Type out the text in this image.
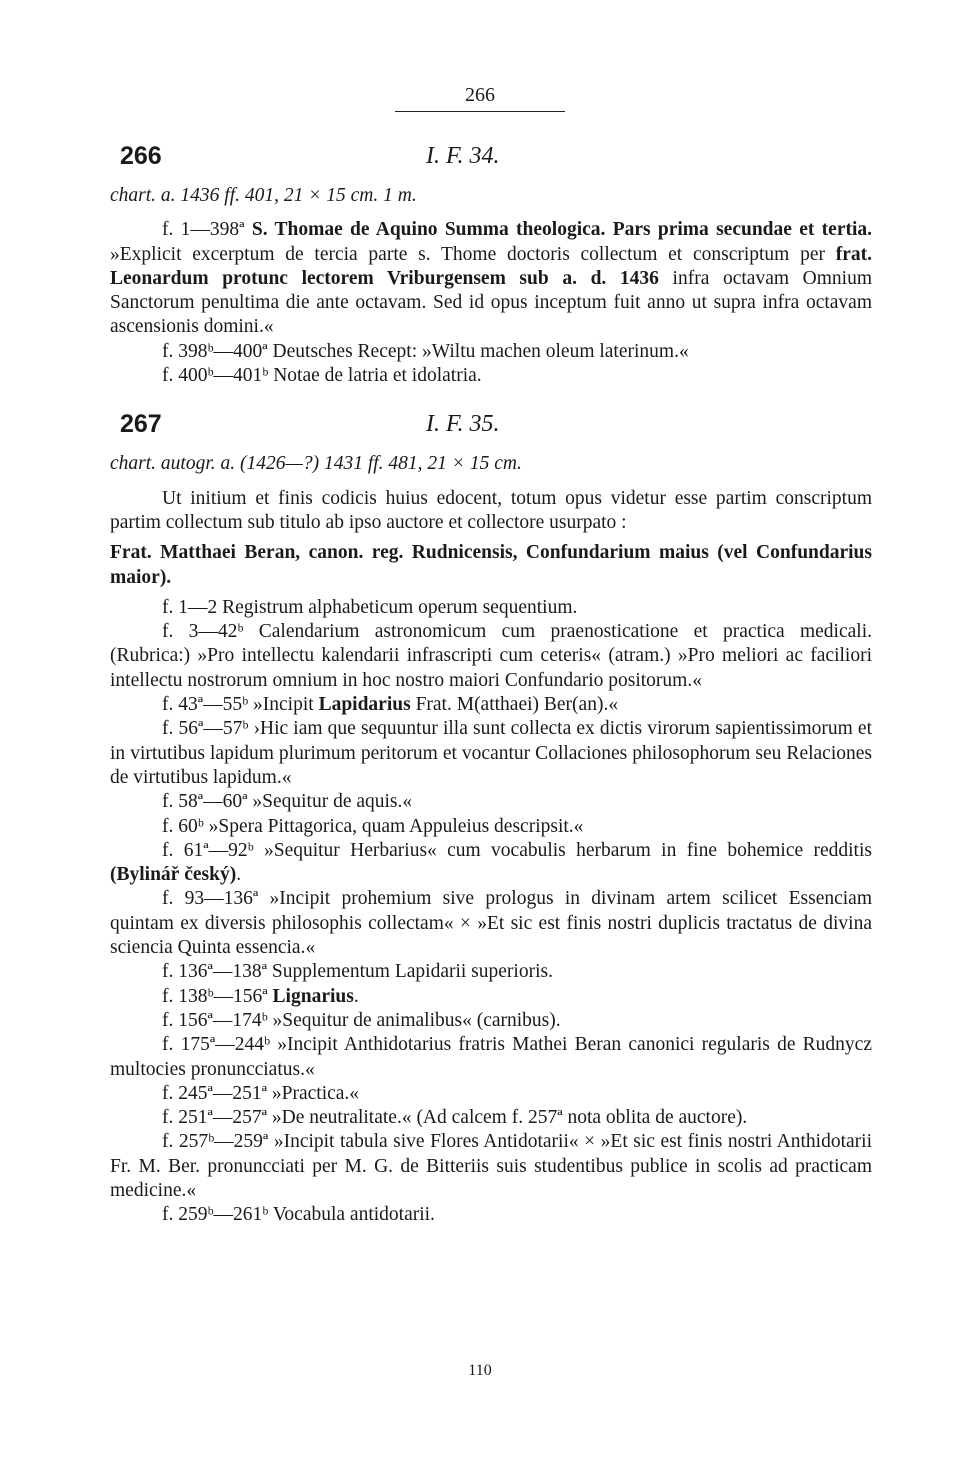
266
266	I. F. 34.
chart. a. 1436 ff. 401, 21 × 15 cm. 1 m.

f. 1—398ª S. Thomae de Aquino Summa theologica. Pars prima secundae et tertia. »Explicit excerptum de tercia parte s. Thome doctoris collectum et conscriptum per frat. Leonardum protunc lectorem Vriburgensem sub a. d. 1436 infra octavam Omnium Sanctorum penultima die ante octavam. Sed id opus inceptum fuit anno ut supra infra octavam ascensionis domini.«

f. 398ᵇ—400ª Deutsches Recept: »Wiltu machen oleum laterinum.«

f. 400ᵇ—401ᵇ Notae de latria et idolatria.

267	I. F. 35.
chart. autogr. a. (1426—?) 1431 ff. 481, 21 × 15 cm.

Ut initium et finis codicis huius edocent, totum opus videtur esse partim conscriptum partim collectum sub titulo ab ipso auctore et collectore usurpato :

Frat. Matthaei Beran, canon. reg. Rudnicensis, Confundarium maius (vel Confundarius maior).

f. 1—2 Registrum alphabeticum operum sequentium.

f. 3—42ᵇ Calendarium astronomicum cum praenosticatione et practica medicali. (Rubrica:) »Pro intellectu kalendarii infrascripti cum ceteris« (atram.) »Pro meliori ac faciliori intellectu nostrorum omnium in hoc nostro maiori Confundario positorum.«

f. 43ª—55ᵇ »Incipit Lapidarius Frat. M(atthaei) Ber(an).«

f. 56ª—57ᵇ ›Hic iam que sequuntur illa sunt collecta ex dictis virorum sapientissimorum et in virtutibus lapidum plurimum peritorum et vocantur Collaciones philosophorum seu Relaciones de virtutibus lapidum.«

f. 58ª—60ª »Sequitur de aquis.«

f. 60ᵇ »Spera Pittagorica, quam Appuleius descripsit.«

f. 61ª—92ᵇ »Sequitur Herbarius« cum vocabulis herbarum in fine bohemice redditis (Bylinář český).

f. 93—136ª »Incipit prohemium sive prologus in divinam artem scilicet Essenciam quintam ex diversis philosophis collectam« × »Et sic est finis nostri duplicis tractatus de divina sciencia Quinta essencia.«

f. 136ª—138ª Supplementum Lapidarii superioris.

f. 138ᵇ—156ª Lignarius.

f. 156ª—174ᵇ »Sequitur de animalibus« (carnibus).

f. 175ª—244ᵇ »Incipit Anthidotarius fratris Mathei Beran canonici regularis de Rudnycz multocies pronuncciatus.«

f. 245ª—251ª »Practica.«

f. 251ª—257ª »De neutralitate.« (Ad calcem f. 257ª nota oblita de auctore).

f. 257ᵇ—259ª »Incipit tabula sive Flores Antidotarii« × »Et sic est finis nostri Anthidotarii Fr. M. Ber. pronuncciati per M. G. de Bitteriis suis studentibus publice in scolis ad practicam medicine.«

f. 259ᵇ—261ᵇ Vocabula antidotarii.

110
